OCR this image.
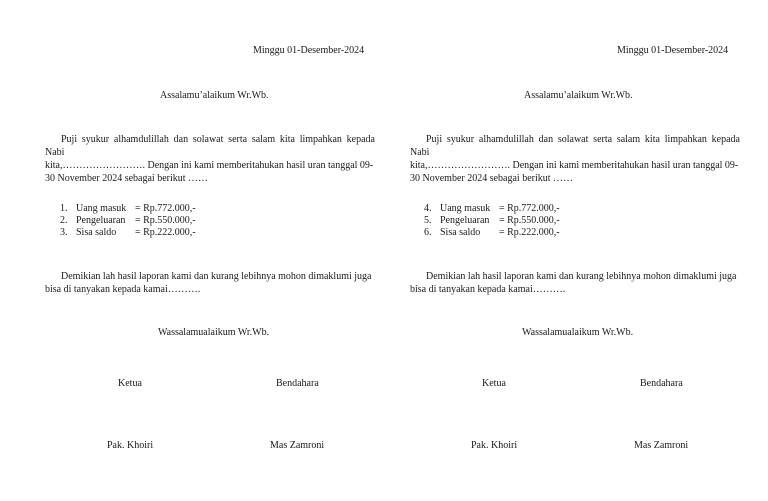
Minggu 01-Desember-2024
Assalamu’alaikum Wr.Wb.
Puji syukur alhamdulillah dan solawat serta salam kita limpahkan kepada Nabi
kita,……………………. Dengan ini kami memberitahukan hasil uran tanggal 09-
30 November 2024 sebagai berikut ……
1. Uang masuk = Rp.772.000,-
2. Pengeluaran = Rp.550.000,-
3. Sisa saldo = Rp.222.000,-
Demikian lah hasil laporan kami dan kurang lebihnya mohon dimaklumi juga
bisa di tanyakan kepada kamai……….
Wassalamualaikum Wr.Wb.
Ketua	Bendahara
Pak. Khoiri	Mas Zamroni
Minggu 01-Desember-2024
Assalamu’alaikum Wr.Wb.
Puji syukur alhamdulillah dan solawat serta salam kita limpahkan kepada Nabi
kita,……………………. Dengan ini kami memberitahukan hasil uran tanggal 09-
30 November 2024 sebagai berikut ……
4. Uang masuk = Rp.772.000,-
5. Pengeluaran = Rp.550.000,-
6. Sisa saldo = Rp.222.000,-
Demikian lah hasil laporan kami dan kurang lebihnya mohon dimaklumi juga
bisa di tanyakan kepada kamai……….
Wassalamualaikum Wr.Wb.
Ketua	Bendahara
Pak. Khoiri	Mas Zamroni
